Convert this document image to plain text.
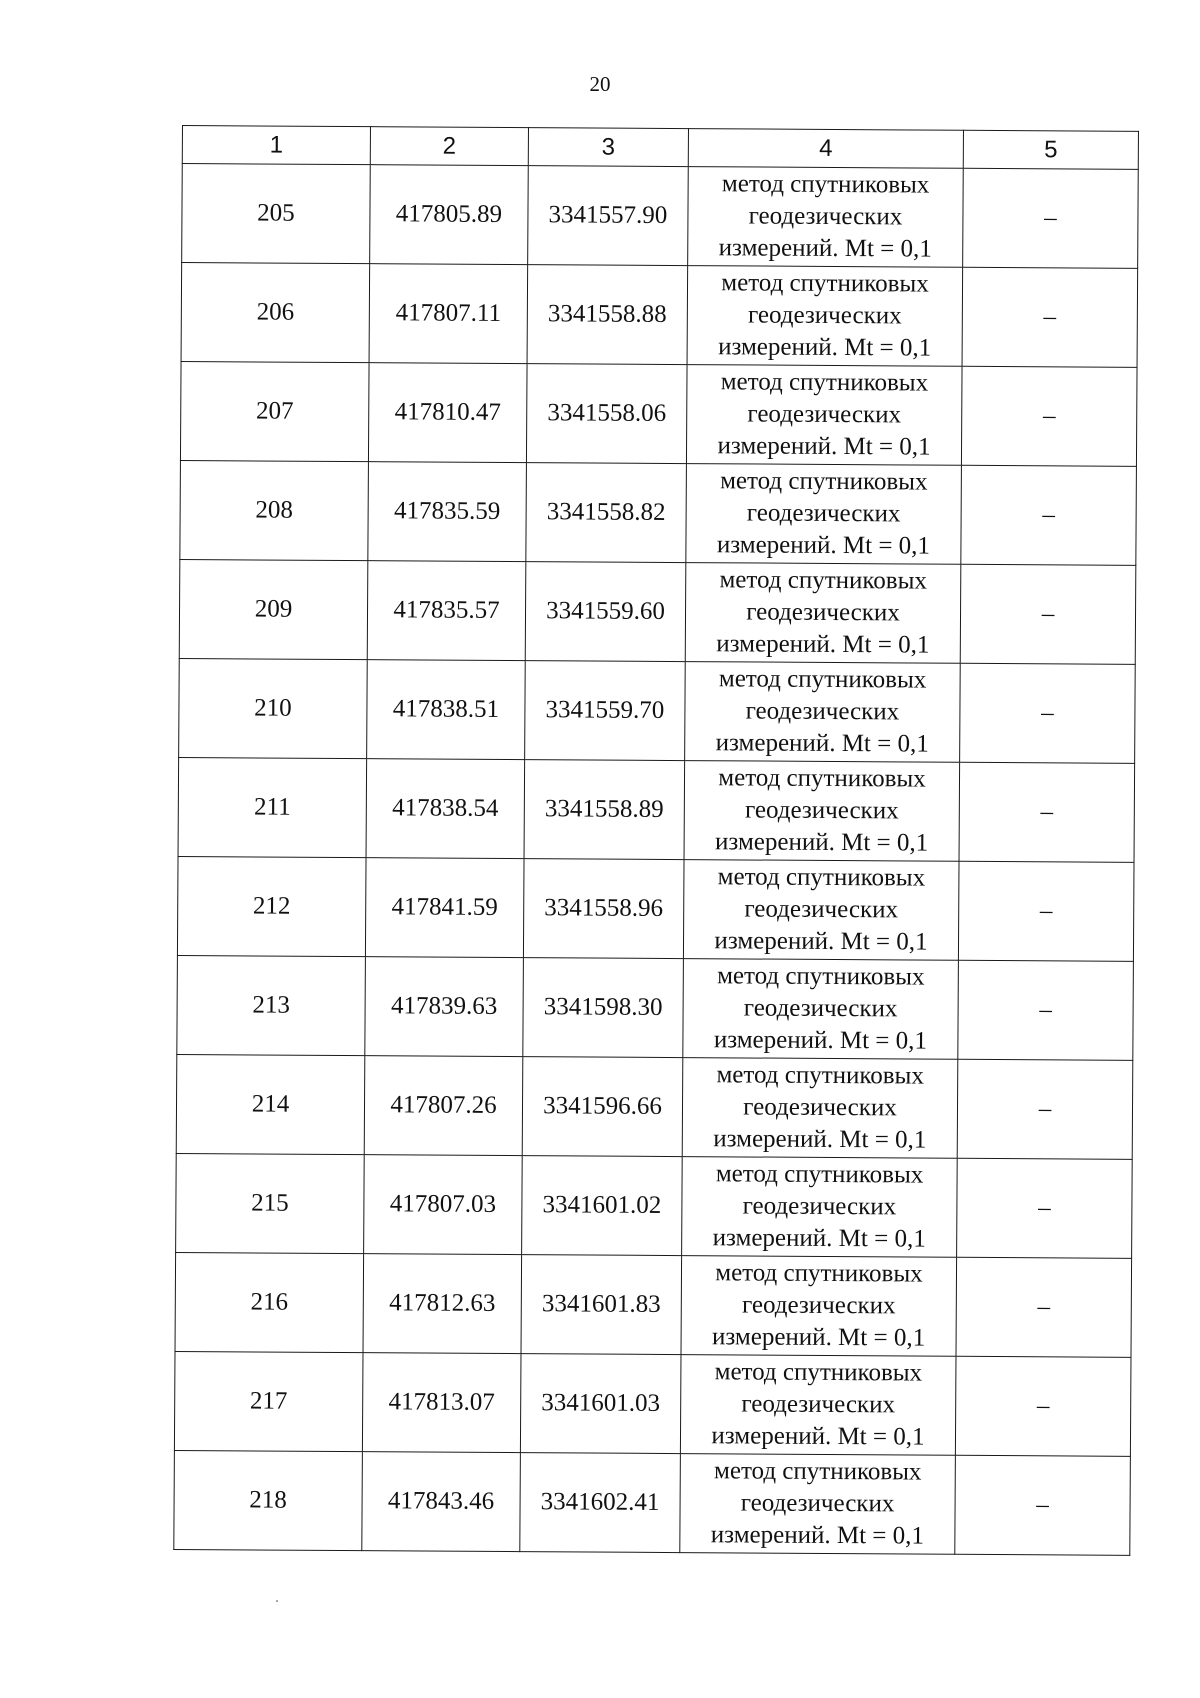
20
1	2	3	4	5
205	417805.89	3341557.90	метод спутниковых
геодезических
измерений. Mt = 0,1	–
206	417807.11	3341558.88	метод спутниковых
геодезических
измерений. Mt = 0,1	–
207	417810.47	3341558.06	метод спутниковых
геодезических
измерений. Mt = 0,1	–
208	417835.59	3341558.82	метод спутниковых
геодезических
измерений. Mt = 0,1	–
209	417835.57	3341559.60	метод спутниковых
геодезических
измерений. Mt = 0,1	–
210	417838.51	3341559.70	метод спутниковых
геодезических
измерений. Mt = 0,1	–
211	417838.54	3341558.89	метод спутниковых
геодезических
измерений. Mt = 0,1	–
212	417841.59	3341558.96	метод спутниковых
геодезических
измерений. Mt = 0,1	–
213	417839.63	3341598.30	метод спутниковых
геодезических
измерений. Mt = 0,1	–
214	417807.26	3341596.66	метод спутниковых
геодезических
измерений. Mt = 0,1	–
215	417807.03	3341601.02	метод спутниковых
геодезических
измерений. Mt = 0,1	–
216	417812.63	3341601.83	метод спутниковых
геодезических
измерений. Mt = 0,1	–
217	417813.07	3341601.03	метод спутниковых
геодезических
измерений. Mt = 0,1	–
218	417843.46	3341602.41	метод спутниковых
геодезических
измерений. Mt = 0,1	–
